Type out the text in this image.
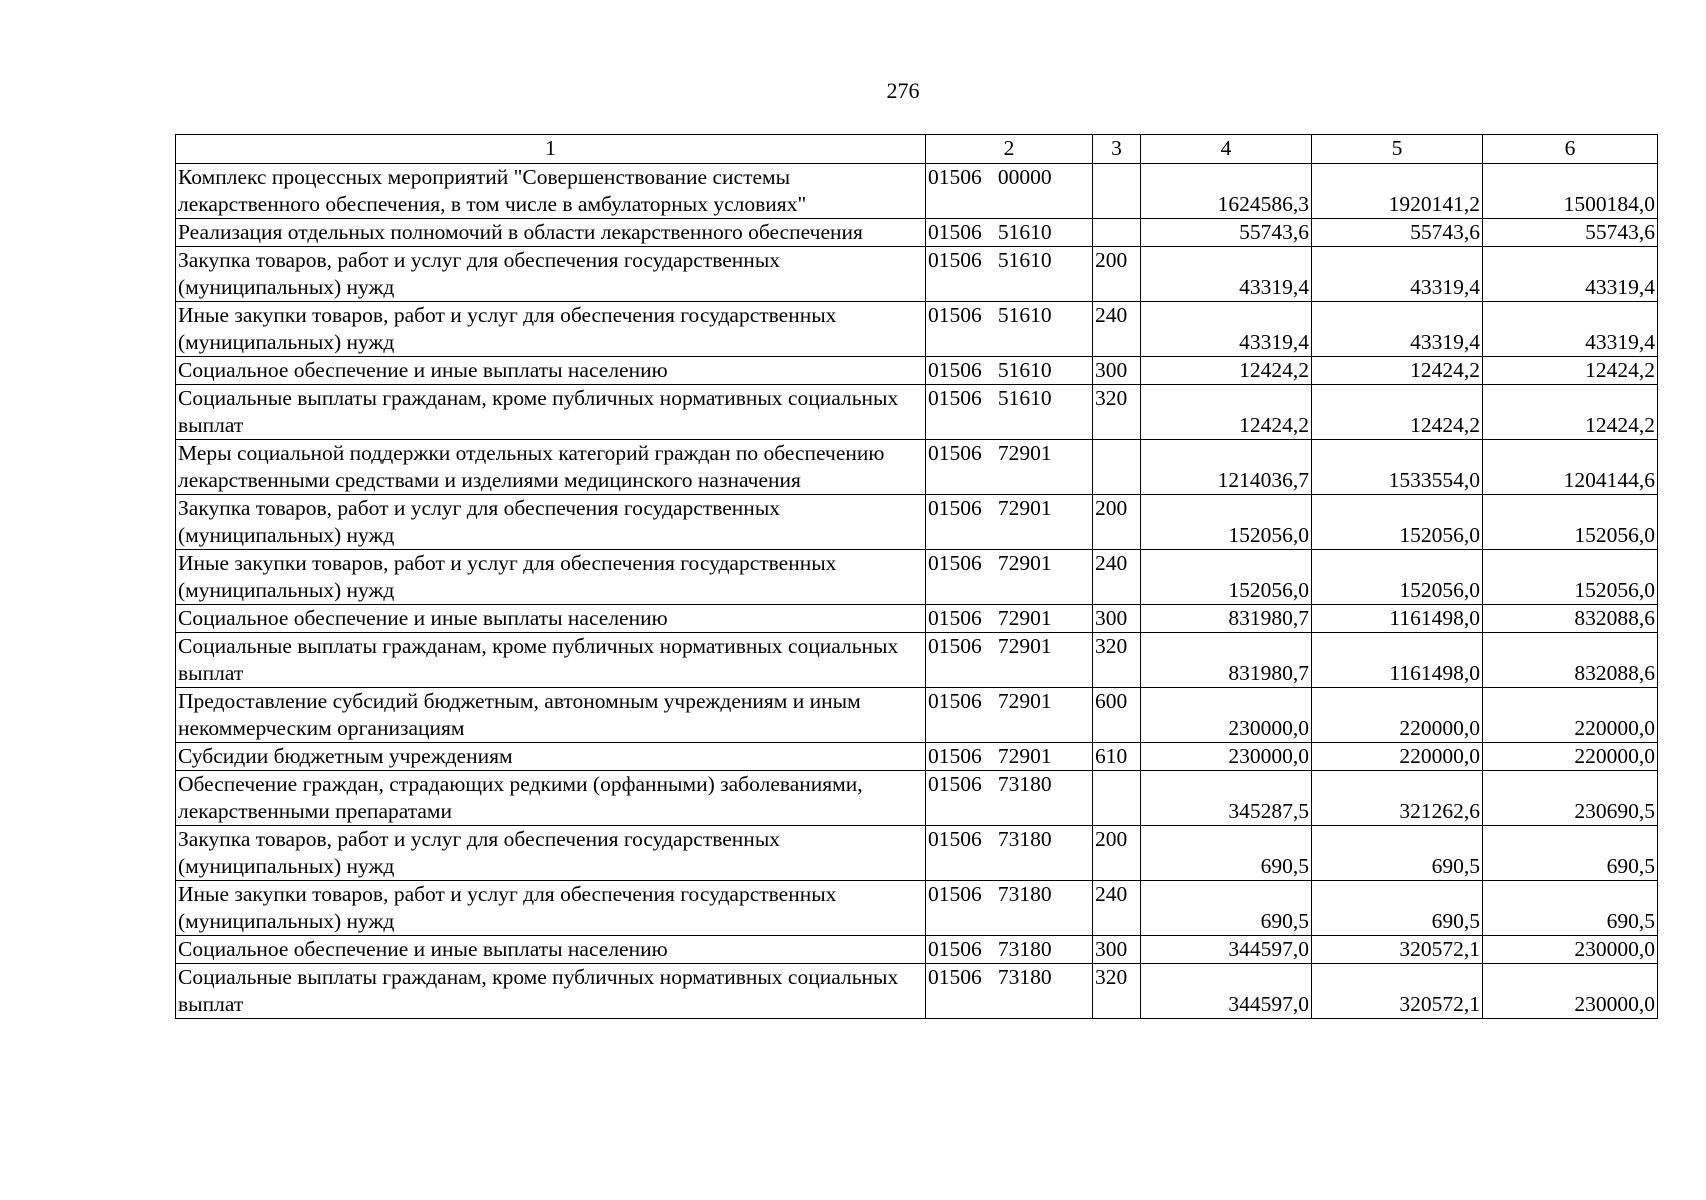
276
1	2	3	4	5	6
Комплекс процессных мероприятий "Совершенствование системы лекарственного обеспечения, в том числе в амбулаторных условиях"	01506   00000		1624586,3	1920141,2	1500184,0
Реализация отдельных полномочий в области лекарственного обеспечения	01506   51610		55743,6	55743,6	55743,6
Закупка товаров, работ и услуг для обеспечения государственных (муниципальных) нужд	01506   51610	200	43319,4	43319,4	43319,4
Иные закупки товаров, работ и услуг для обеспечения государственных (муниципальных) нужд	01506   51610	240	43319,4	43319,4	43319,4
Социальное обеспечение и иные выплаты населению	01506   51610	300	12424,2	12424,2	12424,2
Социальные выплаты гражданам, кроме публичных нормативных социальных выплат	01506   51610	320	12424,2	12424,2	12424,2
Меры социальной поддержки отдельных категорий граждан по обеспечению лекарственными средствами и изделиями медицинского назначения	01506   72901		1214036,7	1533554,0	1204144,6
Закупка товаров, работ и услуг для обеспечения государственных (муниципальных) нужд	01506   72901	200	152056,0	152056,0	152056,0
Иные закупки товаров, работ и услуг для обеспечения государственных (муниципальных) нужд	01506   72901	240	152056,0	152056,0	152056,0
Социальное обеспечение и иные выплаты населению	01506   72901	300	831980,7	1161498,0	832088,6
Социальные выплаты гражданам, кроме публичных нормативных социальных выплат	01506   72901	320	831980,7	1161498,0	832088,6
Предоставление субсидий бюджетным, автономным учреждениям и иным некоммерческим организациям	01506   72901	600	230000,0	220000,0	220000,0
Субсидии бюджетным учреждениям	01506   72901	610	230000,0	220000,0	220000,0
Обеспечение граждан, страдающих редкими (орфанными) заболеваниями, лекарственными препаратами	01506   73180		345287,5	321262,6	230690,5
Закупка товаров, работ и услуг для обеспечения государственных (муниципальных) нужд	01506   73180	200	690,5	690,5	690,5
Иные закупки товаров, работ и услуг для обеспечения государственных (муниципальных) нужд	01506   73180	240	690,5	690,5	690,5
Социальное обеспечение и иные выплаты населению	01506   73180	300	344597,0	320572,1	230000,0
Социальные выплаты гражданам, кроме публичных нормативных социальных выплат	01506   73180	320	344597,0	320572,1	230000,0
